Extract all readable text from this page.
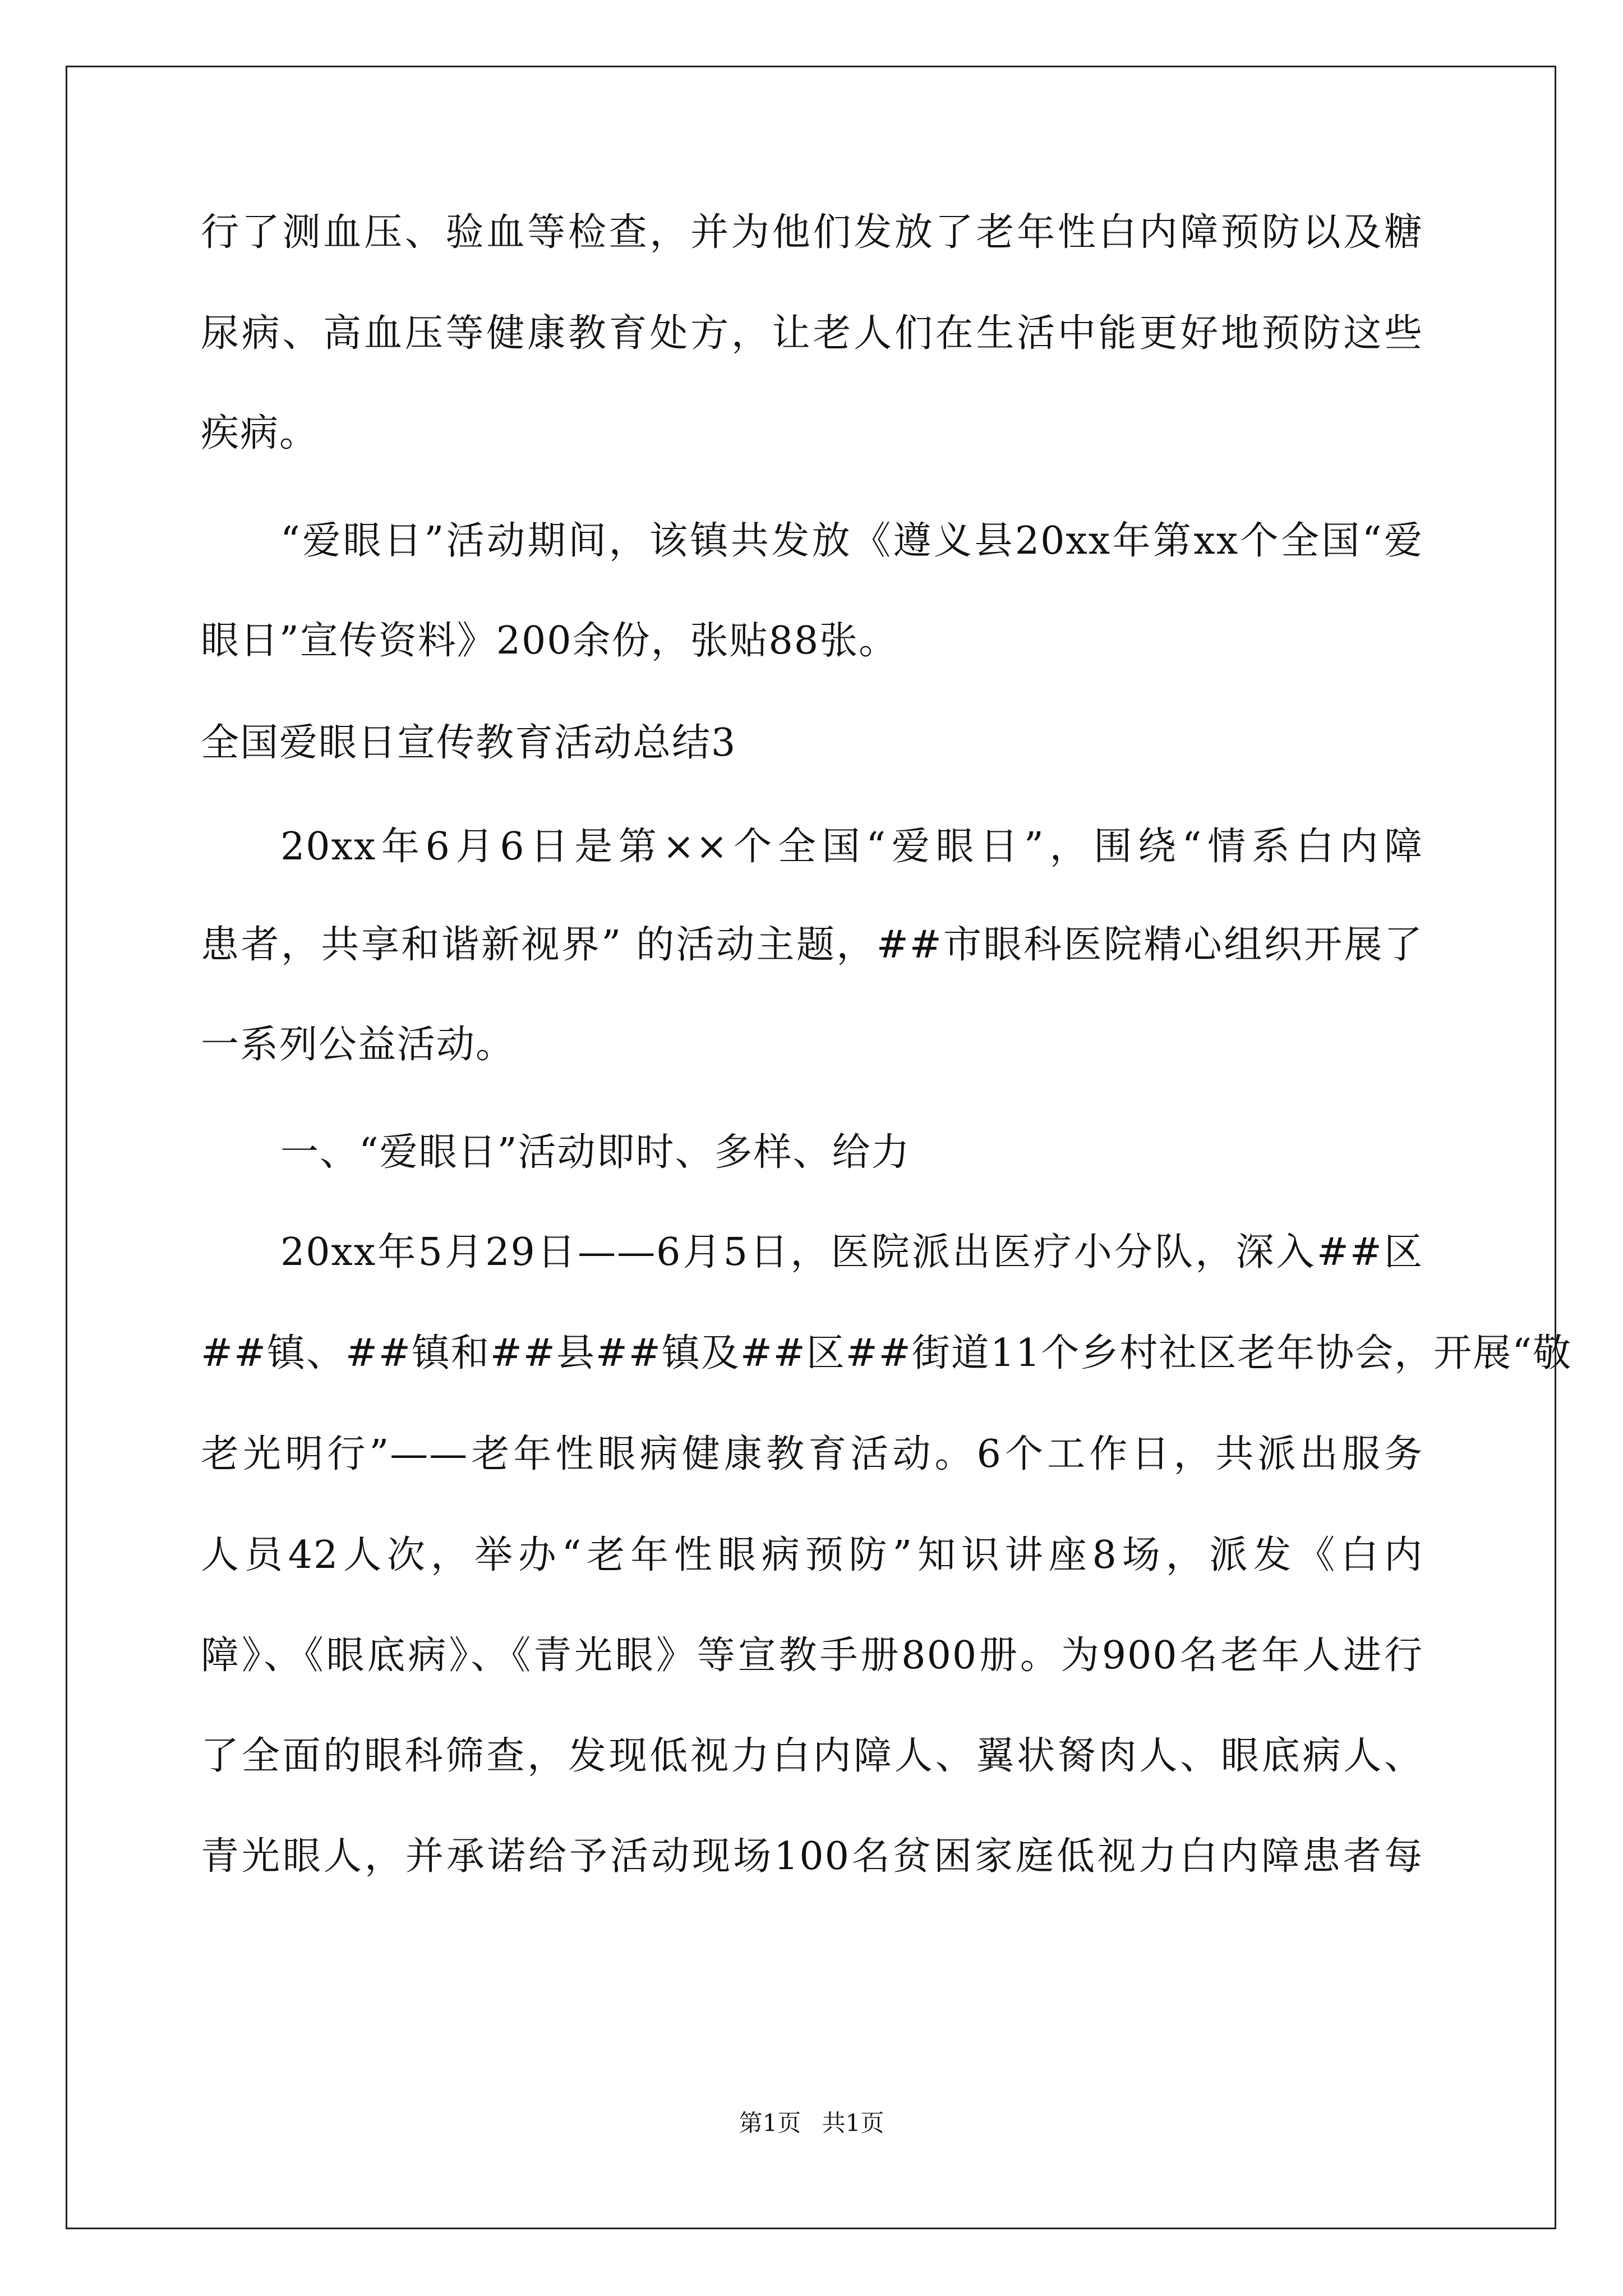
行了测血压、验血等检查，并为他们发放了老年性白内障预防以及糖
尿病、高血压等健康教育处方，让老人们在生活中能更好地预防这些
疾病。
“爱眼日”活动期间，该镇共发放《遵义县20xx年第xx个全国“爱
眼日”宣传资料》200余份，张贴88张。
全国爱眼日宣传教育活动总结3
20xx年6月6日是第××个全国“爱眼日”，围绕“情系白内障
患者，共享和谐新视界” 的活动主题，##市眼科医院精心组织开展了
一系列公益活动。
一、“爱眼日”活动即时、多样、给力
20xx年5月29日——6月5日，医院派出医疗小分队，深入##区
##镇、##镇和##县##镇及##区##街道11个乡村社区老年协会，开展“敬
老光明行”——老年性眼病健康教育活动。6个工作日，共派出服务
人员42人次，举办“老年性眼病预防”知识讲座8场，派发《白内
障》、《眼底病》、《青光眼》等宣教手册800册。为900名老年人进行
了全面的眼科筛查，发现低视力白内障人、翼状胬肉人、眼底病人、
青光眼人，并承诺给予活动现场100名贫困家庭低视力白内障患者每
第1页 共1页
